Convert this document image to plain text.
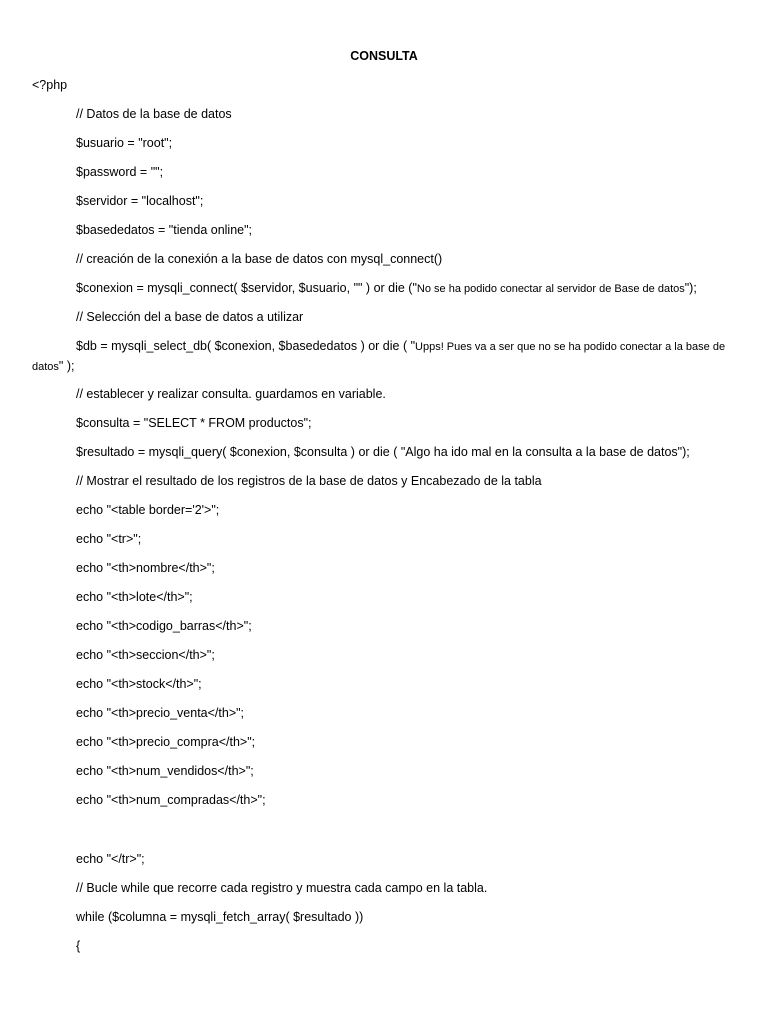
CONSULTA
<?php
// Datos de la base de datos
$usuario = "root";
$password = "";
$servidor = "localhost";
$basededatos = "tienda online";
// creación de la conexión a la base de datos con mysql_connect()
$conexion = mysqli_connect( $servidor, $usuario, "" ) or die ("No se ha podido conectar al servidor de Base de datos");
// Selección del a base de datos a utilizar
$db = mysqli_select_db( $conexion, $basededatos ) or die ( "Upps! Pues va a ser que no se ha podido conectar a la base de datos" );
// establecer y realizar consulta. guardamos en variable.
$consulta = "SELECT * FROM productos";
$resultado = mysqli_query( $conexion, $consulta ) or die ( "Algo ha ido mal en la consulta a la base de datos");
// Mostrar el resultado de los registros de la base de datos y Encabezado de la tabla
echo "<table border='2'>";
echo "<tr>";
echo "<th>nombre</th>";
echo "<th>lote</th>";
echo "<th>codigo_barras</th>";
echo "<th>seccion</th>";
echo "<th>stock</th>";
echo "<th>precio_venta</th>";
echo "<th>precio_compra</th>";
echo "<th>num_vendidos</th>";
echo "<th>num_compradas</th>";
echo "</tr>";
// Bucle while que recorre cada registro y muestra cada campo en la tabla.
while ($columna = mysqli_fetch_array( $resultado ))
{
